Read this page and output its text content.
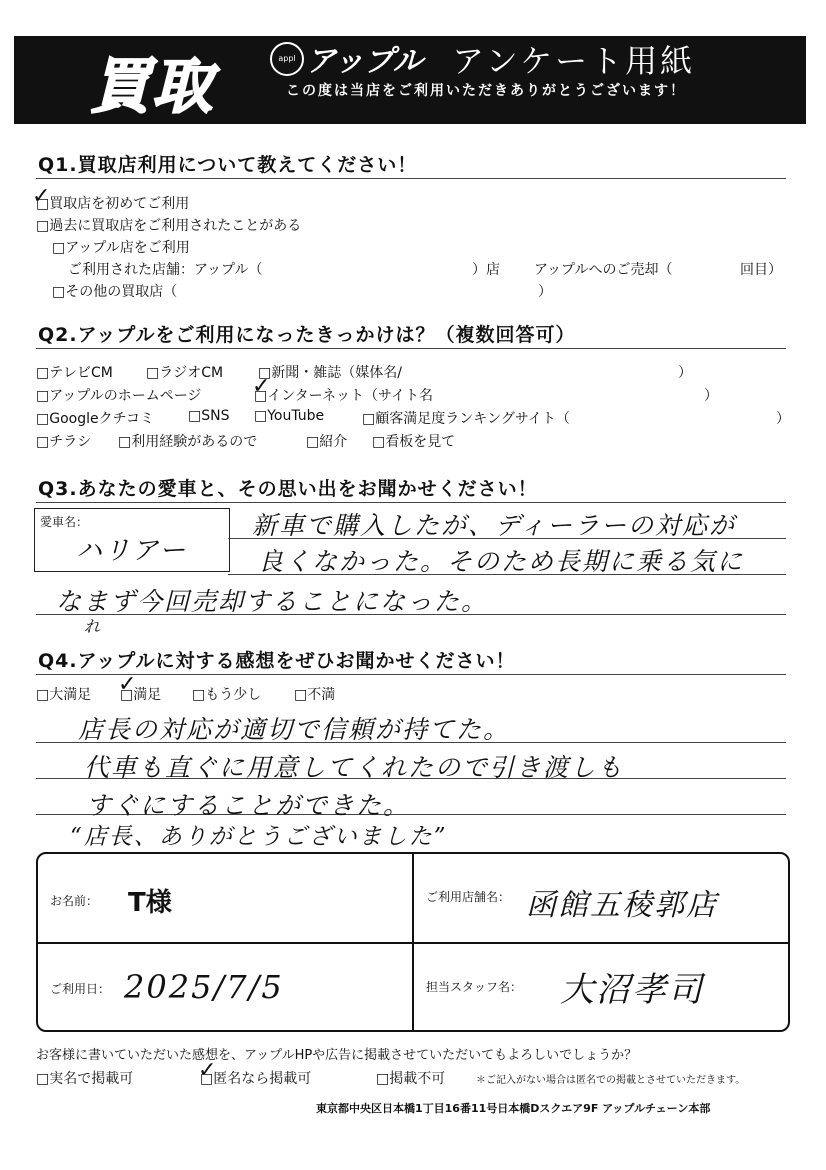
買取	appl アップル アンケート用紙
この度は当店をご利用いただきありがとうございます！
Q1.買取店利用について教えてください！
□ 買取店を初めてご利用
✓
□ 過去に買取店をご利用されたことがある
□ アップル店をご利用
ご利用された店舗：アップル（	）店 アップルへのご売却（	回目）
□ その他の買取店（	）
Q2.アップルをご利用になったきっかけは？（複数回答可）
□ テレビCM	□ ラジオCM	□ 新聞・雑誌（媒体名/	）
□ アップルのホームページ	□ インターネット（サイト名
✓	）
□ Googleクチコミ	□ SNS	□ YouTube	□ 顧客満足度ランキングサイト（	）
□ チラシ	□ 利用経験があるので	□ 紹介	□ 看板を見て
Q3.あなたの愛車と、その思い出をお聞かせください！
愛車名：
ハリアー
新車で購入したが、ディーラーの対応が
良くなかった。そのため長期に乗る気に
なまず今回売却することになった。
れ
Q4.アップルに対する感想をぜひお聞かせください！
□ 大満足	□ 満足
✓	□ もう少し	□ 不満
店長の対応が適切で信頼が持てた。
代車も直ぐに用意してくれたので引き渡しも
すぐにすることができた。
“店長、ありがとうございました”
お名前： T様	ご利用店舗名： 函館五稜郭店
ご利用日： 2025/7/5	担当スタッフ名： 大沼孝司
お客様に書いていただいた感想を、アップルHPや広告に掲載させていただいてもよろしいでしょうか？
□ 実名で掲載可	□ 匿名なら掲載可
✓	□ 掲載不可	＊ご記入がない場合は匿名での掲載とさせていただきます。
東京都中央区日本橋1丁目16番11号日本橋Dスクエア9F アップルチェーン本部
